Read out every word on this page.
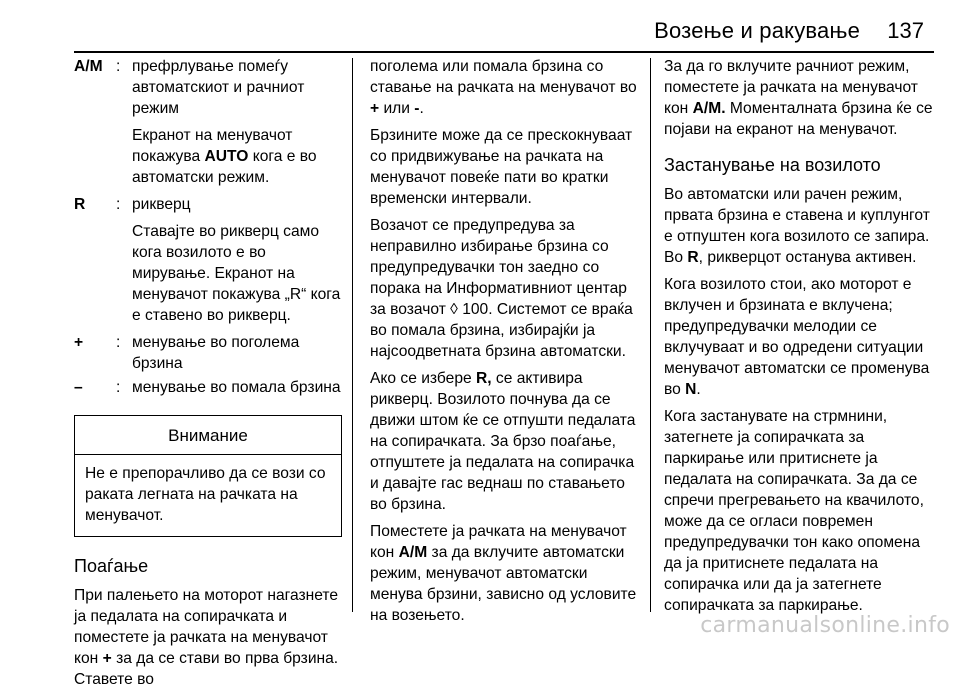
Возење и ракување 137
A/M : префрлување помеѓу автоматскиот и рачниот режим

Екранот на менувачот покажува AUTO кога е во автоматски режим.

R	: рикверц

Ставајте во рикверц само кога возилото е во мирување. Екранот на менувачот покажува „R“ кога е ставено во рикверц.

+	: менување во поголема брзина

–	: менување во помала брзина

Внимание
Не е препорачливо да се вози со раката легната на рачката на менувачот.
Поаѓање

При палењето на моторот нагазнете ја педалата на сопирачката и поместете ја рачката на менувачот кон + за да се стави во прва брзина. Ставете во

поголема или помала брзина со ставање на рачката на менувачот во + или -.

Брзините може да се прескокнуваат со придвижување на рачката на менувачот повеќе пати во кратки временски интервали.

Возачот се предупредува за неправилно избирање брзина со предупредувачки тон заедно со порака на Информативниот центар за возачот ◊ 100. Системот се враќа во помала брзина, избирајќи ја најсоодветната брзина автоматски.

Ако се избере R, се активира рикверц. Возилото почнува да се движи штом ќе се отпушти педалата на сопирачката. За брзо поаѓање, отпуштете ја педалата на сопирачка и давајте гас веднаш по ставањето во брзина.

Поместете ја рачката на менувачот кон A/M за да вклучите автоматски режим, менувачот автоматски менува брзини, зависно од условите на возењето.

За да го вклучите рачниот режим, поместете ја рачката на менувачот кон A/M. Моменталната брзина ќе се појави на екранот на менувачот.

Застанување на возилото

Во автоматски или рачен режим, првата брзина е ставена и куплунгот е отпуштен кога возилото се запира. Во R, рикверцот останува активен.

Кога возилото стои, ако моторот е вклучен и брзината е вклучена; предупредувачки мелодии се вклучуваат и во одредени ситуации менувачот автоматски се променува во N.

Кога застанувате на стрмнини, затегнете ја сопирачката за паркирање или притиснете ја педалата на сопирачката. За да се спречи прегревањето на квачилото, може да се огласи повремен предупредувачки тон како опомена да ја притиснете педалата на сопирачка или да ја затегнете сопирачката за паркирање.

carmanualsonline.info
